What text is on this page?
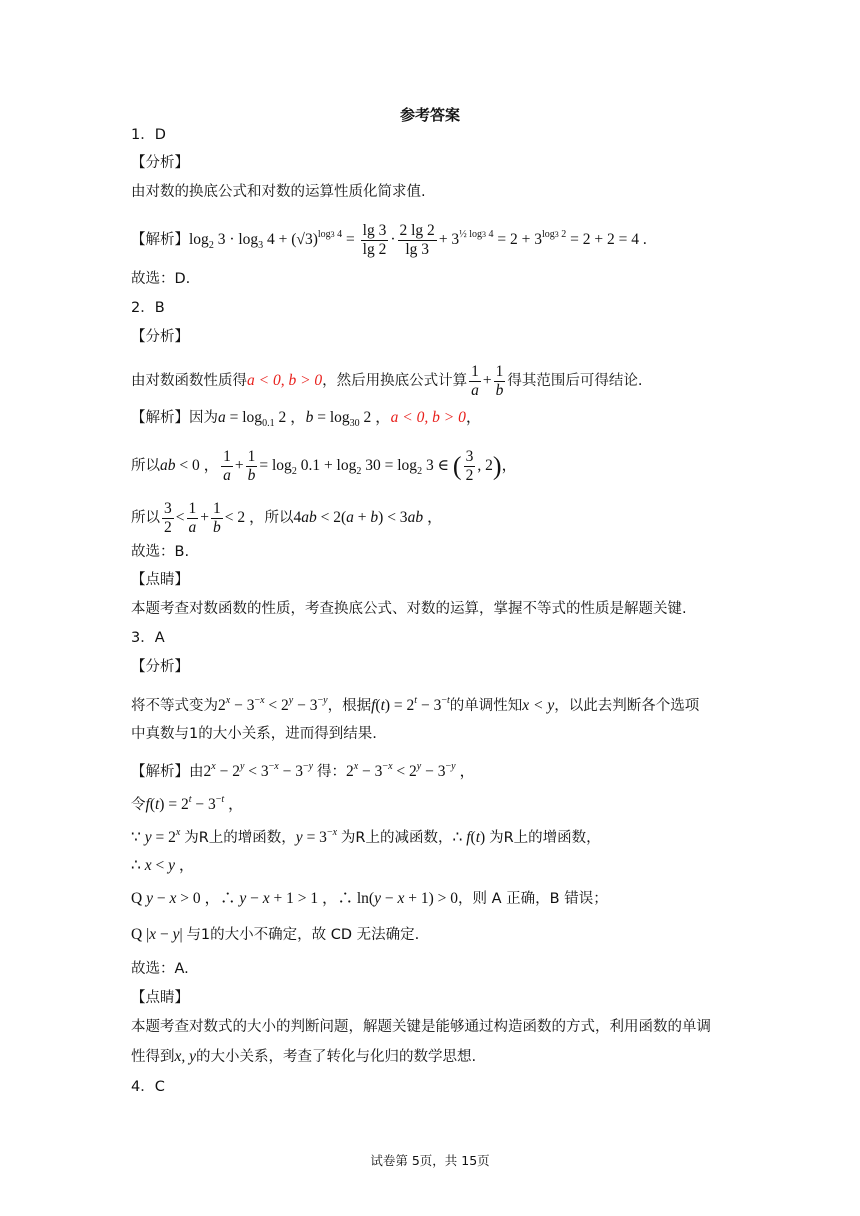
参考答案
1．D
【分析】
由对数的换底公式和对数的运算性质化简求值.
【解析】$\log_2 3 \cdot \log_3 4 + (√3)^{log3 4} = \frac{\lg 3}{\lg 2} \cdot \frac{2 \lg 2}{\lg 3} + 3^{\frac{1}{2} log3 4} = 2 + 3^{log3 2} = 2 + 2 = 4$ .
故选：D.
2．B
【分析】
由对数函数性质得a < 0, b > 0，然后用换底公式计算 $\frac{1}{a} + \frac{1}{b}$ 得其范围后可得结论.
【解析】因为$a = \log_{0.1} 2$ ，$b = \log_{30} 2$ ，a < 0, b > 0，
所以ab < 0 ， $\frac{1}{a} + \frac{1}{b} = \log_2 0.1 + \log_2 30 = \log_2 3$ ∈ ( $\frac{3}{2}$ , 2)，
所以 $\frac{3}{2} < \frac{1}{a} + \frac{1}{b} < 2$ ，所以4ab < 2(a + b) < 3ab ，
故选：B.
【点睛】
本题考查对数函数的性质，考查换底公式、对数的运算，掌握不等式的性质是解题关键.
3．A
【分析】
将不等式变为$2^x - 3^{-x} < 2^y - 3^{-y}$，根据$f(t) = 2^t - 3^{-t}$的单调性知x < y，以此去判断各个选项
中真数与1的大小关系，进而得到结果.
【解析】由$2^x - 2^y < 3^{-x} - 3^{-y}$ 得：$2^x - 3^{-x} < 2^y - 3^{-y}$ ，
令$f(t) = 2^t - 3^{-t}$ ，
∵ $y = 2^x$ 为R上的增函数，$y = 3^{-x}$ 为R上的减函数，∴ f(t) 为R上的增函数，
∴ x < y ，
Q y − x > 0 ，∴ y − x + 1 > 1 ，∴ ln(y − x + 1) > 0，则 A 正确，B 错误；
Q |x − y| 与1的大小不确定，故 CD 无法确定.
故选：A.
【点睛】
本题考查对数式的大小的判断问题，解题关键是能够通过构造函数的方式，利用函数的单调
性得到x, y的大小关系，考查了转化与化归的数学思想.
4．C
试卷第 5页，共 15页
